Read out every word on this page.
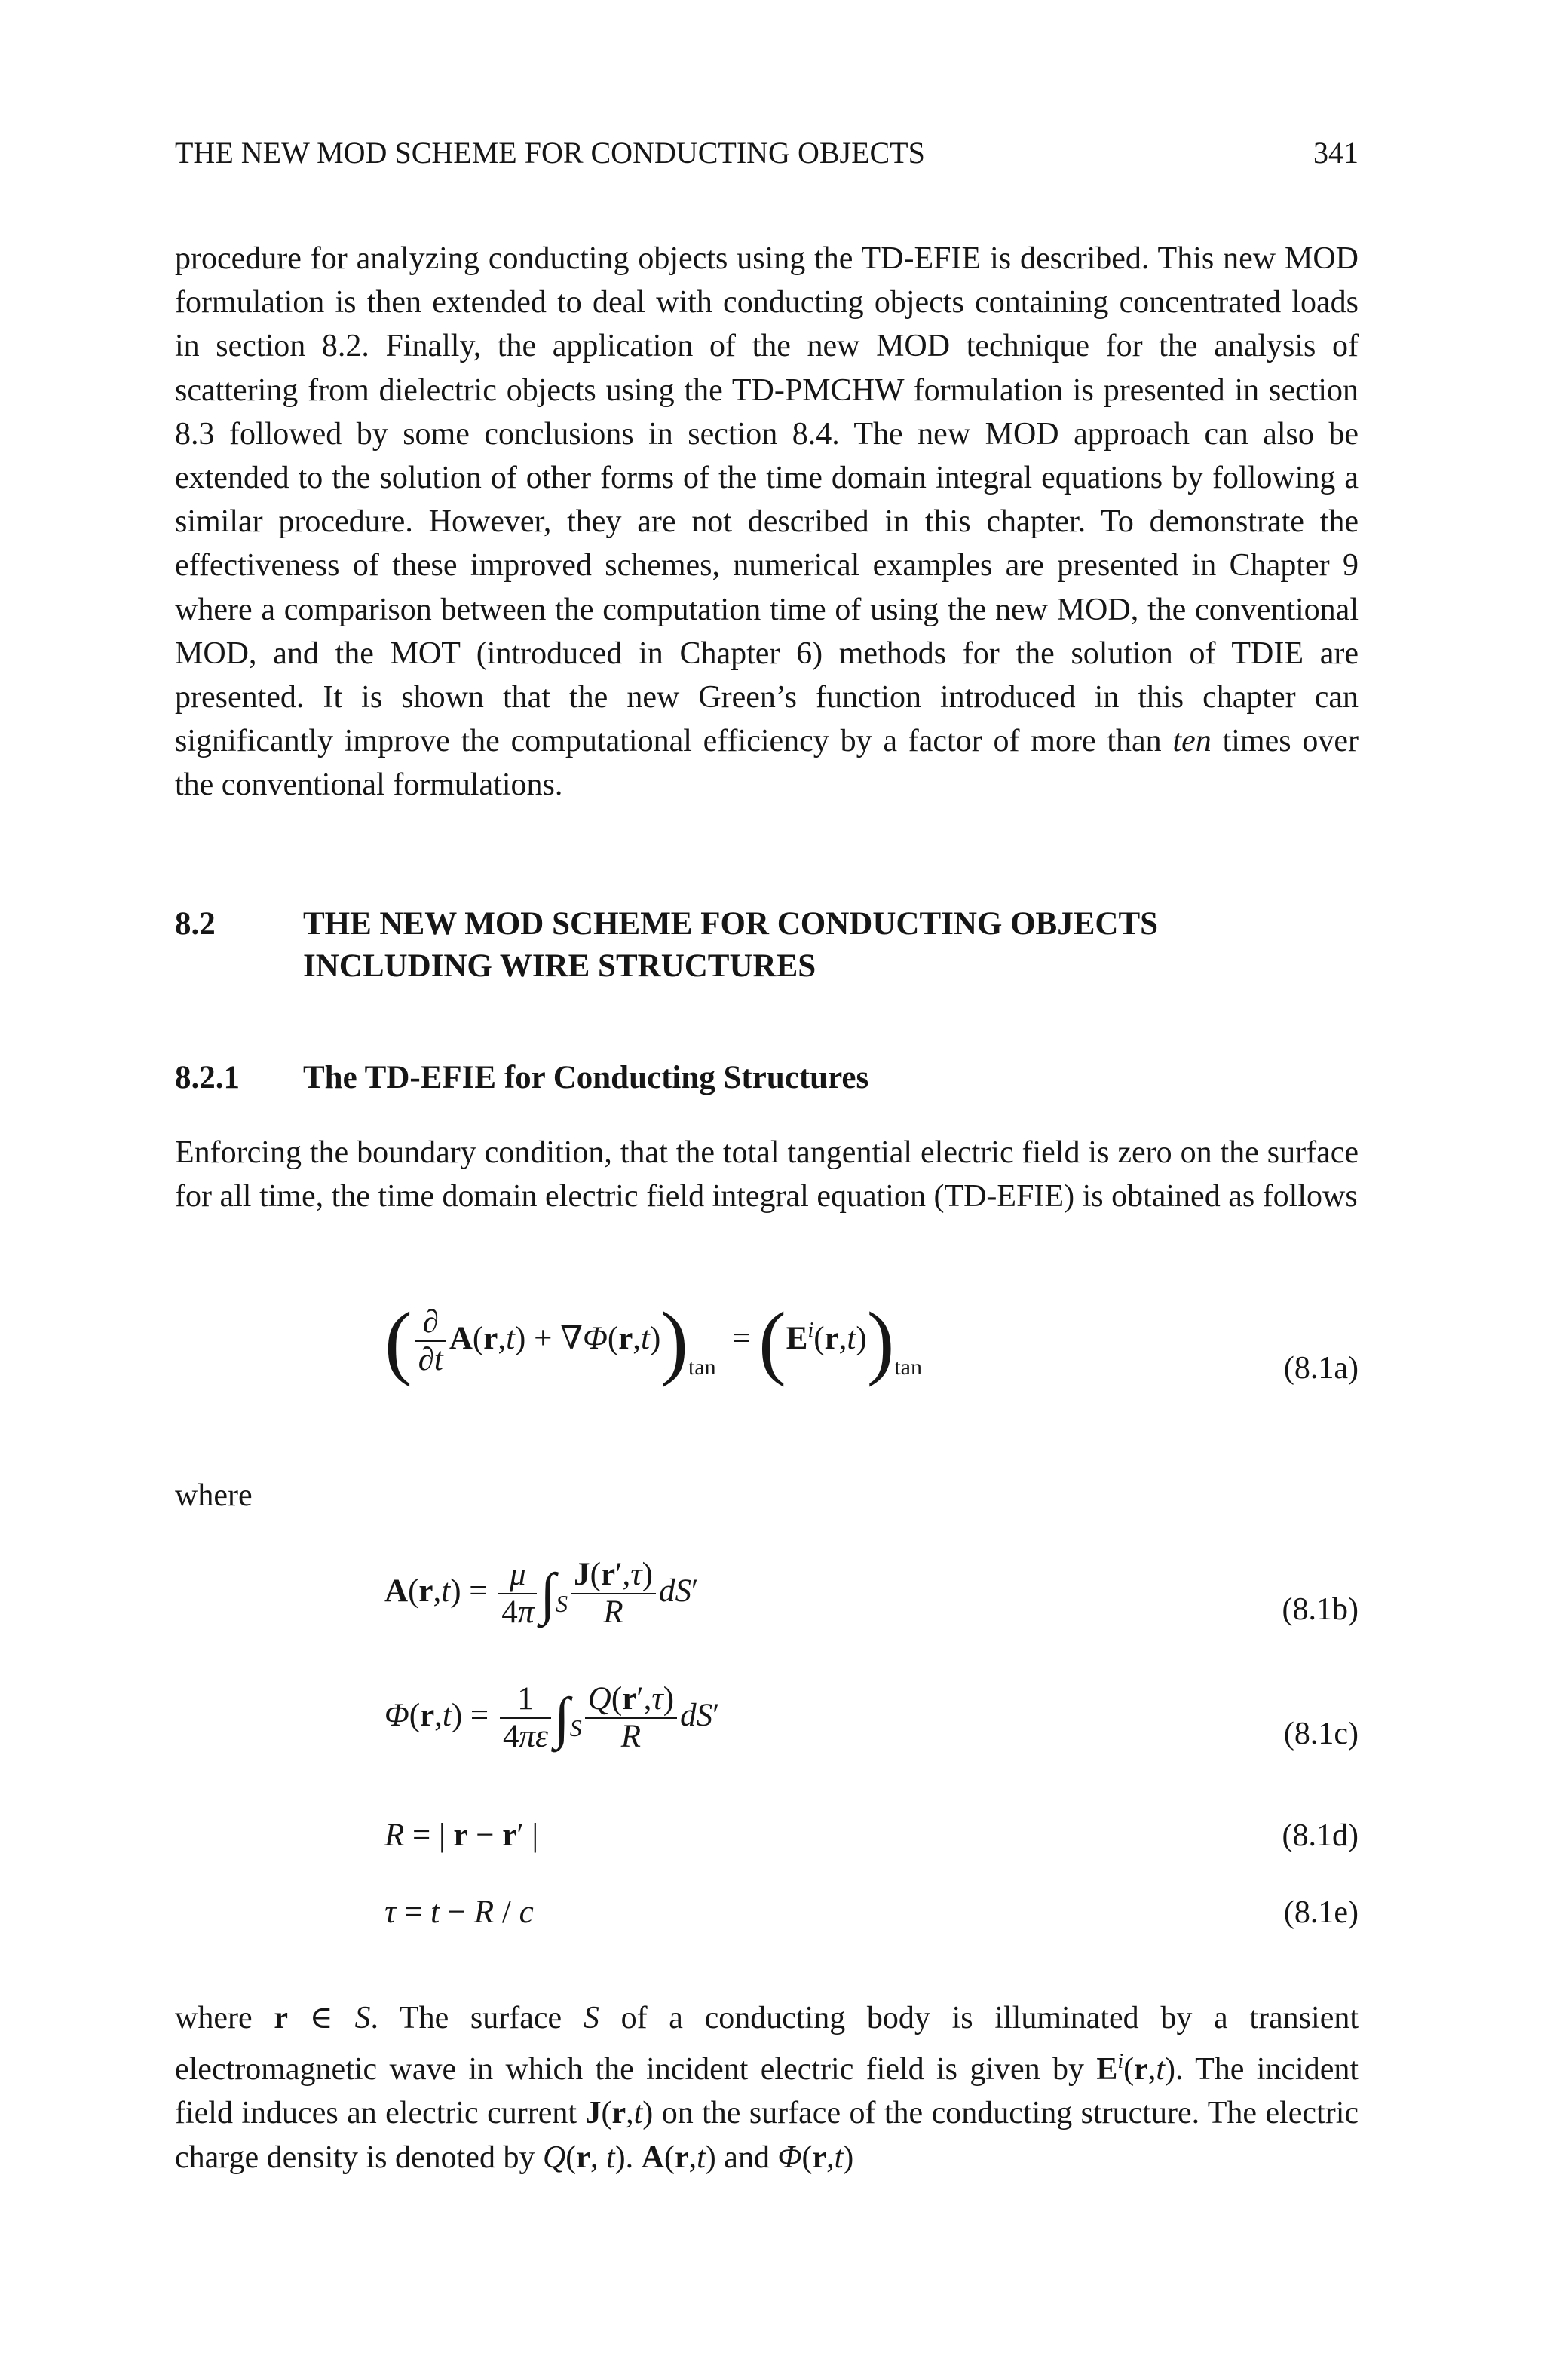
THE NEW MOD SCHEME FOR CONDUCTING OBJECTS	341

procedure for analyzing conducting objects using the TD-EFIE is described. This new MOD formulation is then extended to deal with conducting objects containing concentrated loads in section 8.2. Finally, the application of the new MOD technique for the analysis of scattering from dielectric objects using the TD-PMCHW formulation is presented in section 8.3 followed by some conclusions in section 8.4. The new MOD approach can also be extended to the solution of other forms of the time domain integral equations by following a similar procedure. However, they are not described in this chapter. To demonstrate the effectiveness of these improved schemes, numerical examples are presented in Chapter 9 where a comparison between the computation time of using the new MOD, the conventional MOD, and the MOT (introduced in Chapter 6) methods for the solution of TDIE are presented. It is shown that the new Green’s function introduced in this chapter can significantly improve the computational efficiency by a factor of more than ten times over the conventional formulations.

8.2	THE NEW MOD SCHEME FOR CONDUCTING OBJECTS
INCLUDING WIRE STRUCTURES
8.2.1 The TD-EFIE for Conducting Structures

Enforcing the boundary condition, that the total tangential electric field is zero on the surface for all time, the time domain electric field integral equation (TD-EFIE) is obtained as follows

( $\frac{\partial}{\partial t} A(r,t) + \nabla\Phi(r,t))_{tan} = (E^i(r,t))_{tan}$	(8.1a)

where

$A(r,t) = \frac{\mu}{4\pi} \int_S \frac{J(r',\tau)}{R} dS'$
(8.1b)
$\Phi(r,t) = \frac{1}{4\pi\varepsilon} \int_S \frac{Q(r',\tau)}{R} dS'$
(8.1c)
R = | r − r′ |	(8.1d)
τ = t − R / c	(8.1e)

where r ∈ S. The surface S of a conducting body is illuminated by a transient electromagnetic wave in which the incident electric field is given by $E^i(r,t)$. The incident field induces an electric current J(r,t) on the surface of the conducting structure. The electric charge density is denoted by Q(r, t). A(r,t) and Φ(r,t)
